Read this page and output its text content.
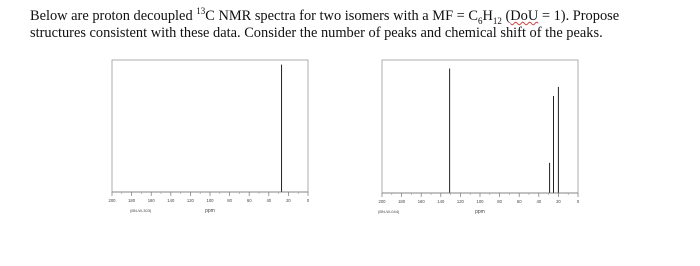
Below are proton decoupled $^{13}$C NMR spectra for two isomers with a MF = $C_6H_{12}$ (DoU = 1). Propose
structures consistent with these data. Consider the number of peaks and chemical shift of the peaks.
200	180	160	140	120	100	80	60	40	20	0
(BN-W-303)	ppm
200	180	160	140	120	100	80	60	40	20	0
(BN-W-044)	ppm
